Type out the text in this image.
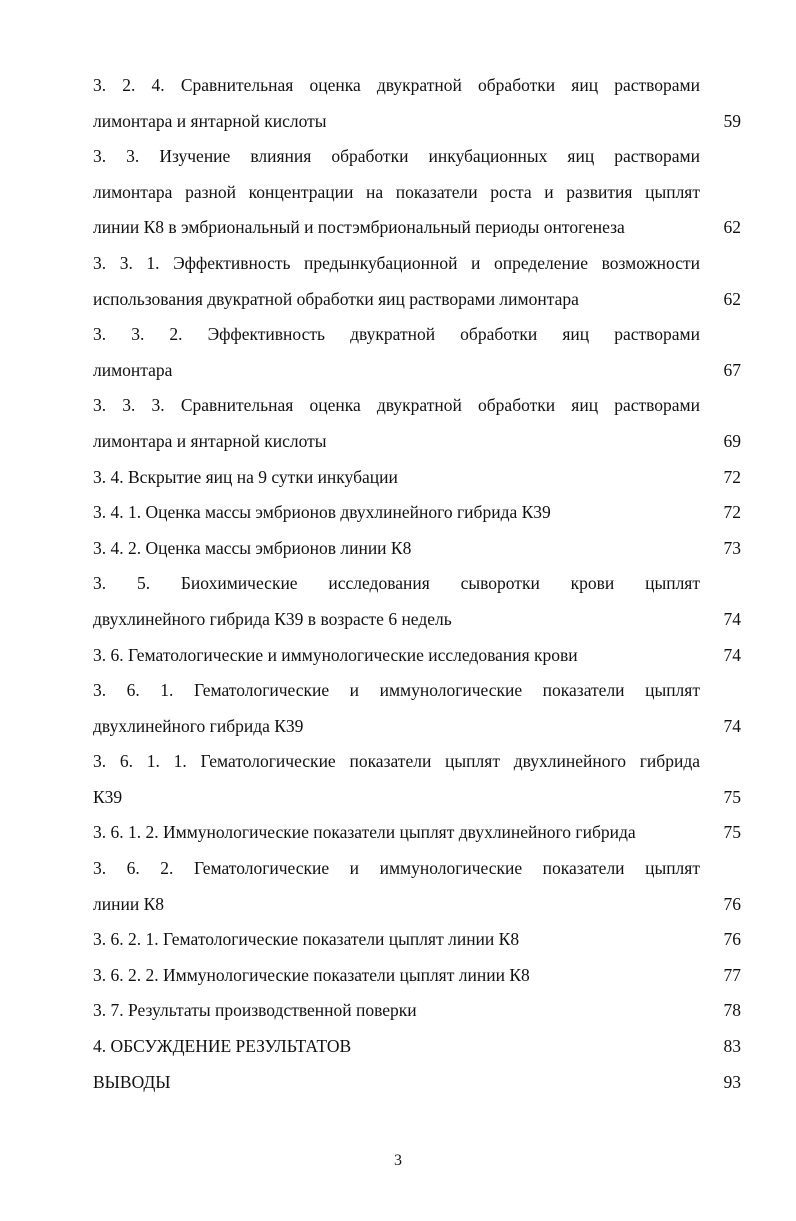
3. 2. 4. Сравнительная оценка двукратной обработки яиц растворами
лимонтара и янтарной кислоты	59
3. 3. Изучение влияния обработки инкубационных яиц растворами
лимонтара разной концентрации на показатели роста и развития цыплят
линии К8 в эмбриональный и постэмбриональный периоды онтогенеза	62
3. 3. 1. Эффективность предынкубационной и определение возможности
использования двукратной обработки яиц растворами лимонтара	62
3. 3. 2. Эффективность двукратной обработки яиц растворами
лимонтара	67
3. 3. 3. Сравнительная оценка двукратной обработки яиц растворами
лимонтара и янтарной кислоты	69
3. 4. Вскрытие яиц на 9 сутки инкубации	72
3. 4. 1. Оценка массы эмбрионов двухлинейного гибрида К39	72
3. 4. 2. Оценка массы эмбрионов линии К8	73
3. 5. Биохимические исследования сыворотки крови цыплят
двухлинейного гибрида К39 в возрасте 6 недель	74
3. 6. Гематологические и иммунологические исследования крови	74
3. 6. 1. Гематологические и иммунологические показатели цыплят
двухлинейного гибрида К39	74
3. 6. 1. 1. Гематологические показатели цыплят двухлинейного гибрида
К39	75
3. 6. 1. 2. Иммунологические показатели цыплят двухлинейного гибрида	75
3. 6. 2. Гематологические и иммунологические показатели цыплят
линии К8	76
3. 6. 2. 1. Гематологические показатели цыплят линии К8	76
3. 6. 2. 2. Иммунологические показатели цыплят линии К8	77
3. 7. Результаты производственной поверки	78
4. ОБСУЖДЕНИЕ РЕЗУЛЬТАТОВ	83
ВЫВОДЫ	93
3
